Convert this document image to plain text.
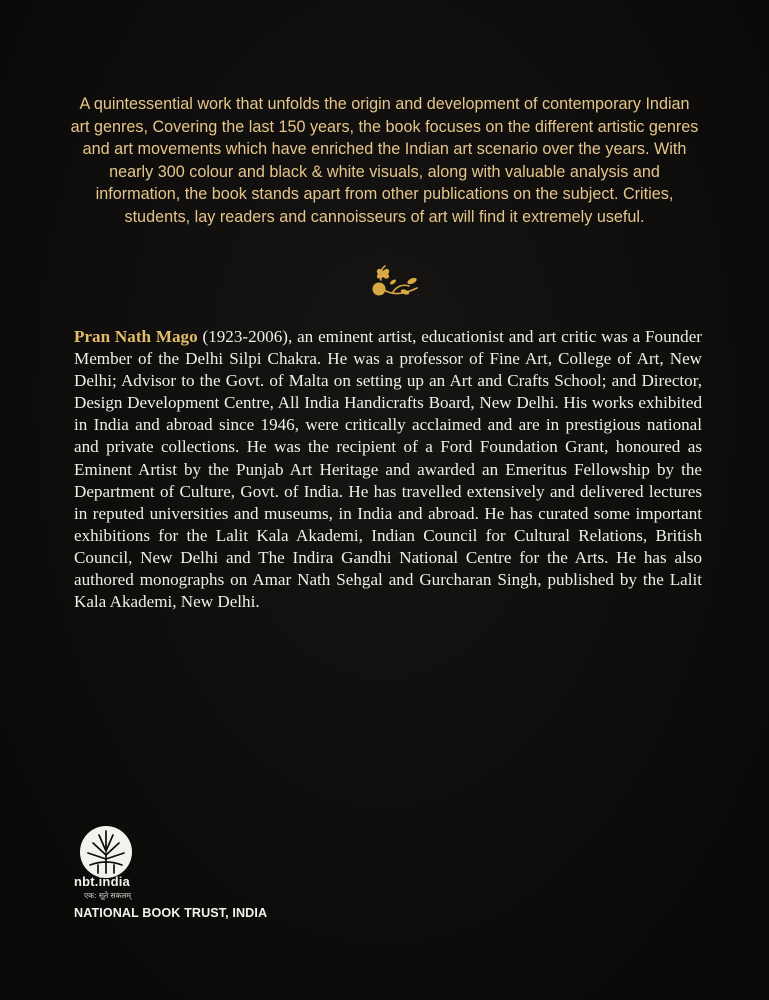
A quintessential work that unfolds the origin and development of contemporary Indian art genres, Covering the last 150 years, the book focuses on the different artistic genres and art movements which have enriched the Indian art scenario over the years. With nearly 300 colour and black & white visuals, along with valuable analysis and information, the book stands apart from other publications on the subject. Crities, students, lay readers and cannoisseurs of art will find it extremely useful.

Pran Nath Mago (1923-2006), an eminent artist, educationist and art critic was a Founder Member of the Delhi Silpi Chakra. He was a professor of Fine Art, College of Art, New Delhi; Advisor to the Govt. of Malta on setting up an Art and Crafts School; and Director, Design Development Centre, All India Handicrafts Board, New Delhi. His works exhibited in India and abroad since 1946, were critically acclaimed and are in prestigious national and private collections. He was the recipient of a Ford Foundation Grant, honoured as Eminent Artist by the Punjab Art Heritage and awarded an Emeritus Fellowship by the Department of Culture, Govt. of India. He has travelled extensively and delivered lectures in reputed universities and museums, in India and abroad. He has curated some important exhibitions for the Lalit Kala Akademi, Indian Council for Cultural Relations, British Council, New Delhi and The Indira Gandhi National Centre for the Arts. He has also authored monographs on Amar Nath Sehgal and Gurcharan Singh, published by the Lalit Kala Akademi, New Delhi.

nbt.india
एक: सूते सकलम्
NATIONAL BOOK TRUST, INDIA
